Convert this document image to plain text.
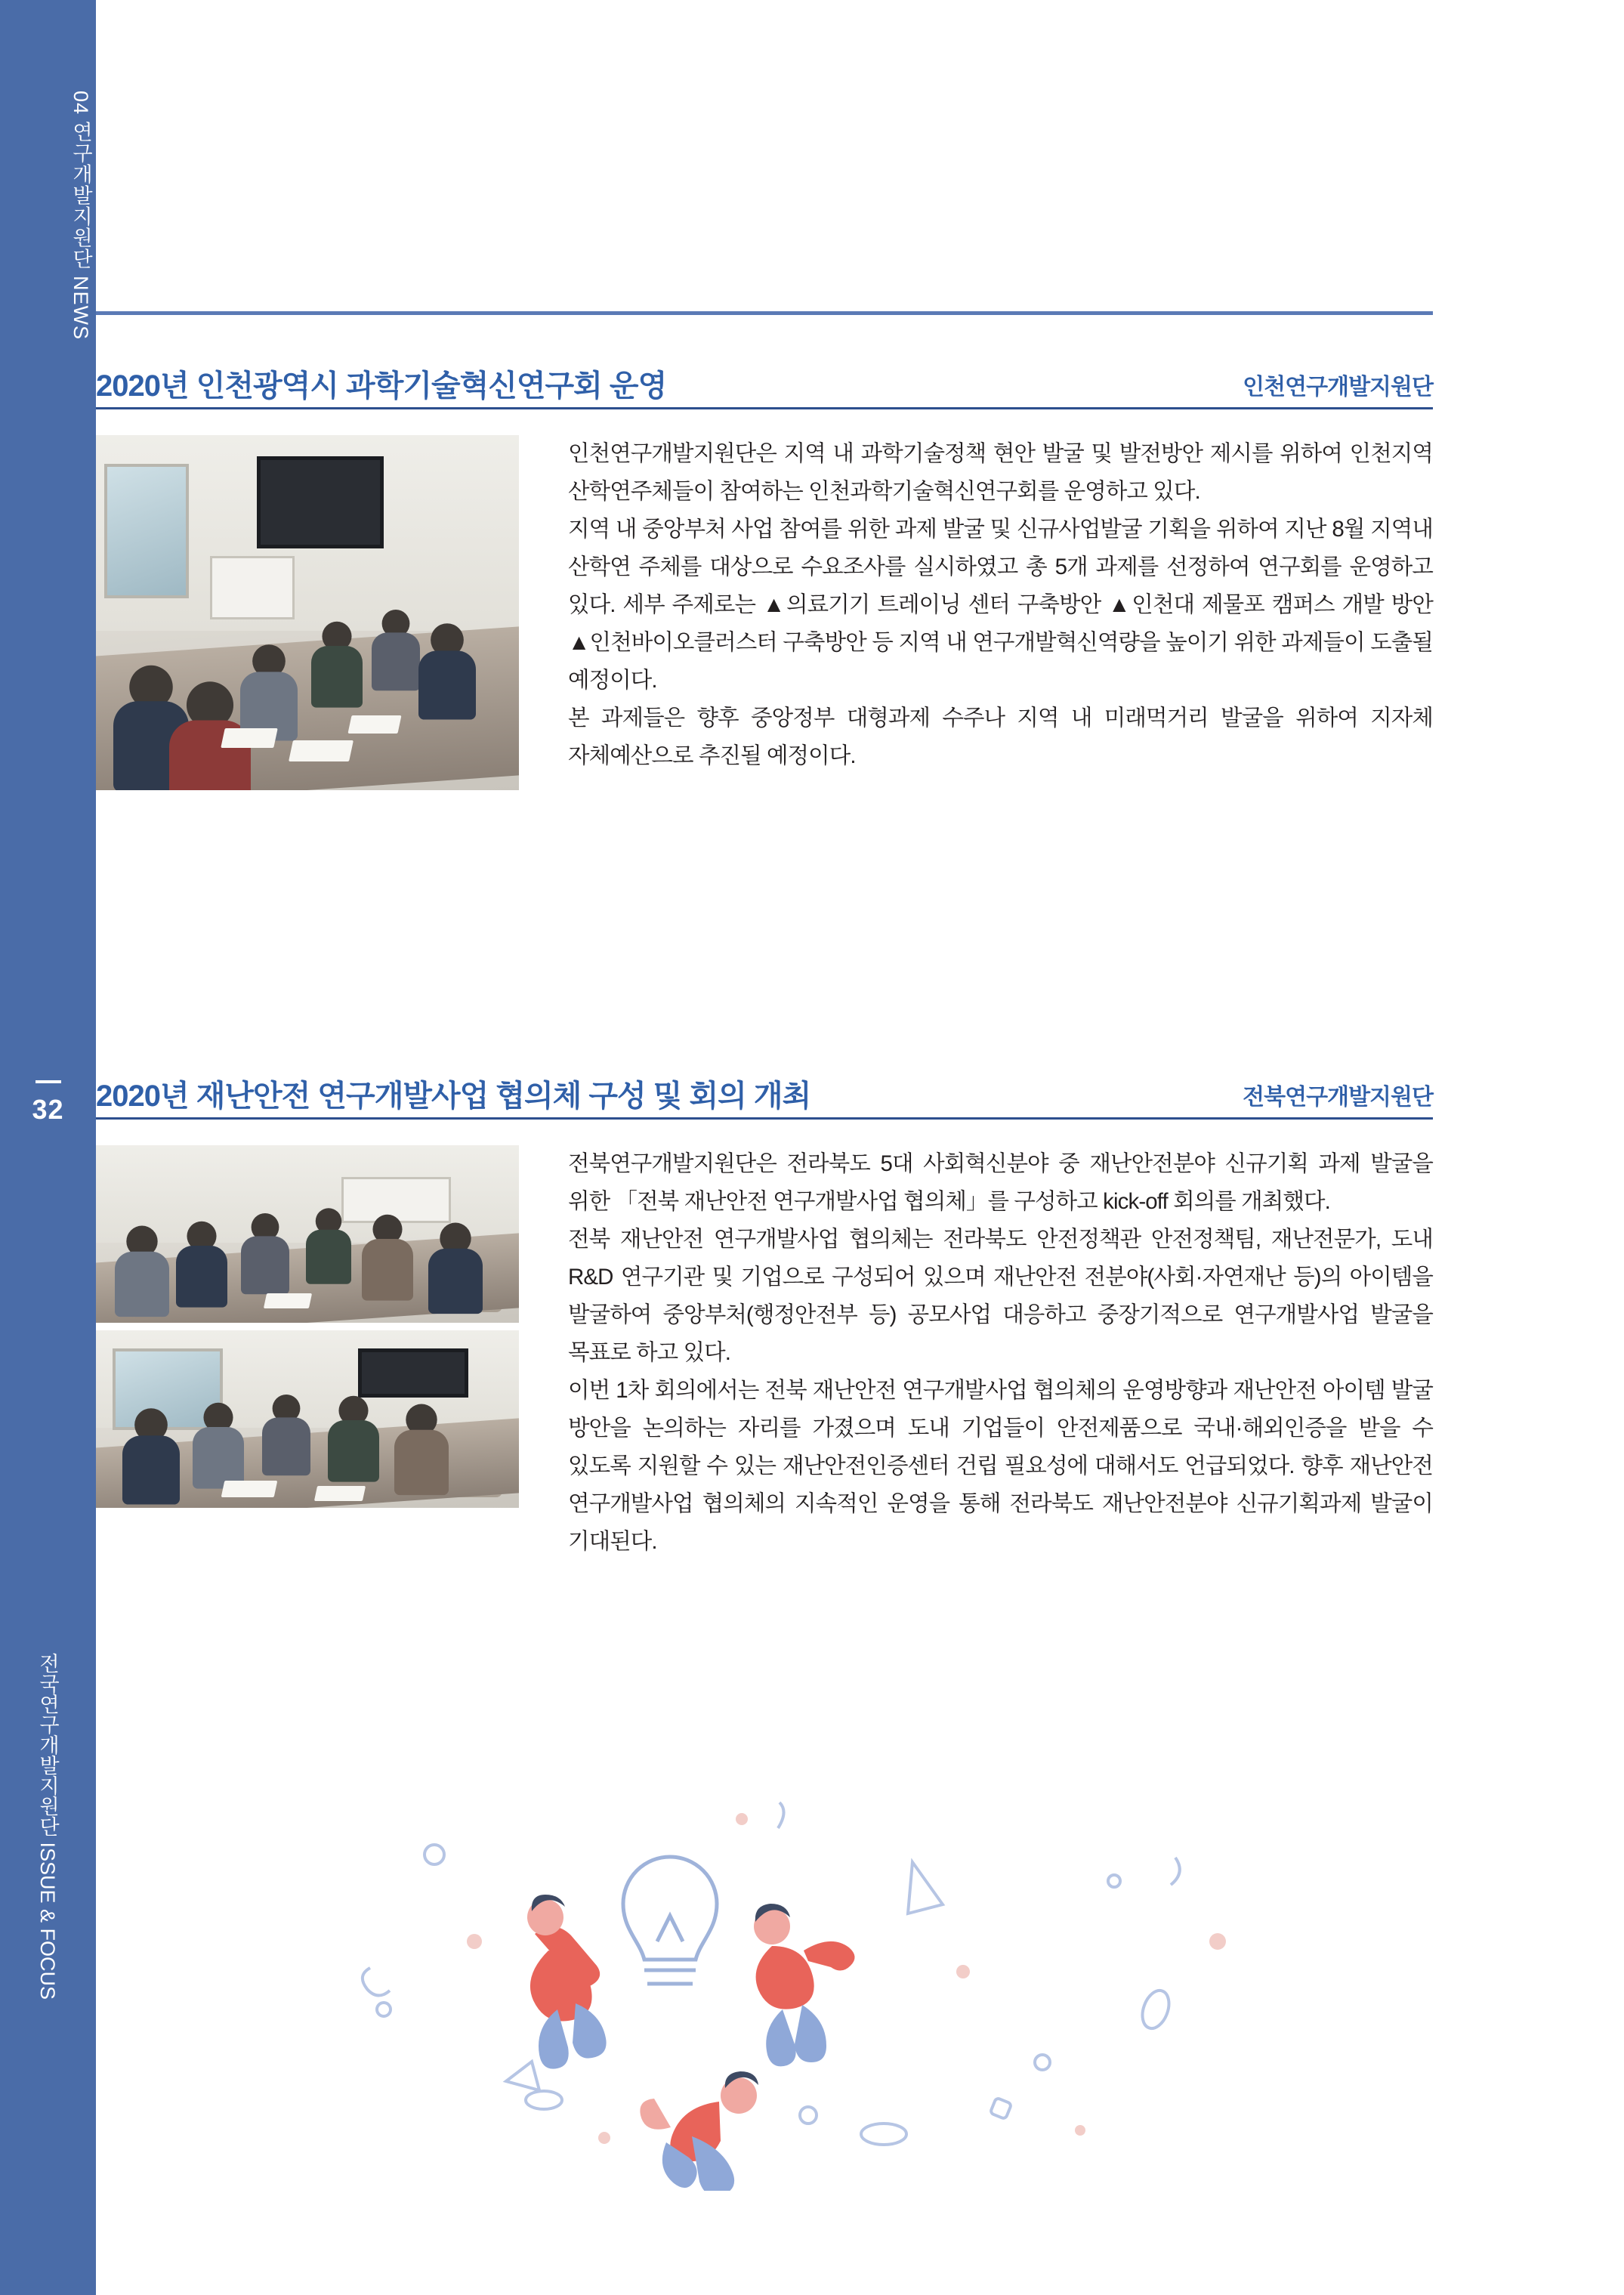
04 연구개발지원단 NEWS
32
전국연구개발지원단 ISSUE & FOCUS
2020년 인천광역시 과학기술혁신연구회 운영	인천연구개발지원단

인천연구개발지원단은 지역 내 과학기술정책 현안 발굴 및 발전방안 제시를 위하여 인천지역 산학연주체들이 참여하는 인천과학기술혁신연구회를 운영하고 있다.

지역 내 중앙부처 사업 참여를 위한 과제 발굴 및 신규사업발굴 기획을 위하여 지난 8월 지역내 산학연 주체를 대상으로 수요조사를 실시하였고 총 5개 과제를 선정하여 연구회를 운영하고 있다. 세부 주제로는 ▲의료기기 트레이닝 센터 구축방안 ▲인천대 제물포 캠퍼스 개발 방안 ▲인천바이오클러스터 구축방안 등 지역 내 연구개발혁신역량을 높이기 위한 과제들이 도출될 예정이다.

본 과제들은 향후 중앙정부 대형과제 수주나 지역 내 미래먹거리 발굴을 위하여 지자체 자체예산으로 추진될 예정이다.

2020년 재난안전 연구개발사업 협의체 구성 및 회의 개최	전북연구개발지원단

전북연구개발지원단은 전라북도 5대 사회혁신분야 중 재난안전분야 신규기획 과제 발굴을 위한 「전북 재난안전 연구개발사업 협의체」를 구성하고 kick-off 회의를 개최했다.

전북 재난안전 연구개발사업 협의체는 전라북도 안전정책관 안전정책팀, 재난전문가, 도내 R&D 연구기관 및 기업으로 구성되어 있으며 재난안전 전분야(사회·자연재난 등)의 아이템을 발굴하여 중앙부처(행정안전부 등) 공모사업 대응하고 중장기적으로 연구개발사업 발굴을 목표로 하고 있다.

이번 1차 회의에서는 전북 재난안전 연구개발사업 협의체의 운영방향과 재난안전 아이템 발굴 방안을 논의하는 자리를 가졌으며 도내 기업들이 안전제품으로 국내·해외인증을 받을 수 있도록 지원할 수 있는 재난안전인증센터 건립 필요성에 대해서도 언급되었다. 향후 재난안전 연구개발사업 협의체의 지속적인 운영을 통해 전라북도 재난안전분야 신규기획과제 발굴이 기대된다.
